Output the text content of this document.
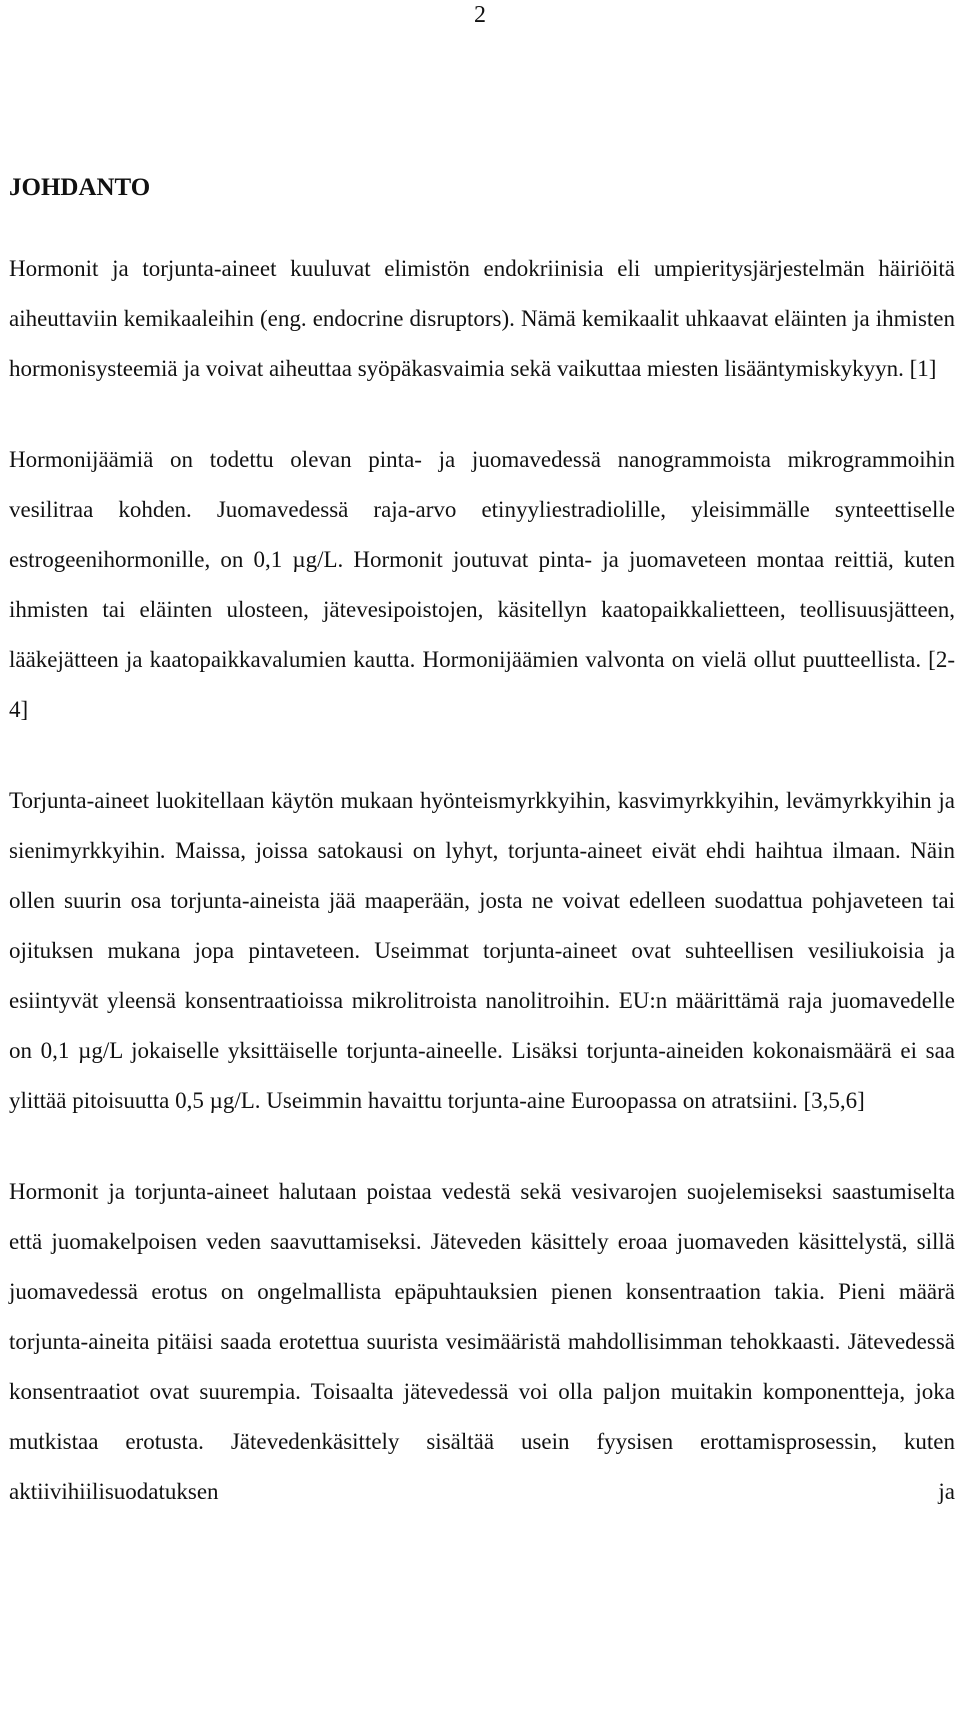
2
JOHDANTO

Hormonit ja torjunta-aineet kuuluvat elimistön endokriinisia eli umpieritysjärjestelmän häiriöitä aiheuttaviin kemikaaleihin (eng. endocrine disruptors). Nämä kemikaalit uhkaavat eläinten ja ihmisten hormonisysteemiä ja voivat aiheuttaa syöpäkasvaimia sekä vaikuttaa miesten lisääntymiskykyyn. [1]

Hormonijäämiä on todettu olevan pinta- ja juomavedessä nanogrammoista mikrogrammoihin vesilitraa kohden. Juomavedessä raja-arvo etinyyliestradiolille, yleisimmälle synteettiselle estrogeenihormonille, on 0,1 µg/L. Hormonit joutuvat pinta- ja juomaveteen montaa reittiä, kuten ihmisten tai eläinten ulosteen, jätevesipoistojen, käsitellyn kaatopaikkalietteen, teollisuusjätteen, lääkejätteen ja kaatopaikkavalumien kautta. Hormonijäämien valvonta on vielä ollut puutteellista. [2-4]

Torjunta-aineet luokitellaan käytön mukaan hyönteismyrkkyihin, kasvimyrkkyihin, levämyrkkyihin ja sienimyrkkyihin. Maissa, joissa satokausi on lyhyt, torjunta-aineet eivät ehdi haihtua ilmaan. Näin ollen suurin osa torjunta-aineista jää maaperään, josta ne voivat edelleen suodattua pohjaveteen tai ojituksen mukana jopa pintaveteen. Useimmat torjunta-aineet ovat suhteellisen vesiliukoisia ja esiintyvät yleensä konsentraatioissa mikrolitroista nanolitroihin. EU:n määrittämä raja juomavedelle on 0,1 µg/L jokaiselle yksittäiselle torjunta-aineelle. Lisäksi torjunta-aineiden kokonaismäärä ei saa ylittää pitoisuutta 0,5 µg/L. Useimmin havaittu torjunta-aine Euroopassa on atratsiini. [3,5,6]

Hormonit ja torjunta-aineet halutaan poistaa vedestä sekä vesivarojen suojelemiseksi saastumiselta että juomakelpoisen veden saavuttamiseksi. Jäteveden käsittely eroaa juomaveden käsittelystä, sillä juomavedessä erotus on ongelmallista epäpuhtauksien pienen konsentraation takia. Pieni määrä torjunta-aineita pitäisi saada erotettua suurista vesimääristä mahdollisimman tehokkaasti. Jätevedessä konsentraatiot ovat suurempia. Toisaalta jätevedessä voi olla paljon muitakin komponentteja, joka mutkistaa erotusta. Jätevedenkäsittely sisältää usein fyysisen erottamisprosessin, kuten aktiivihiilisuodatuksen ja
